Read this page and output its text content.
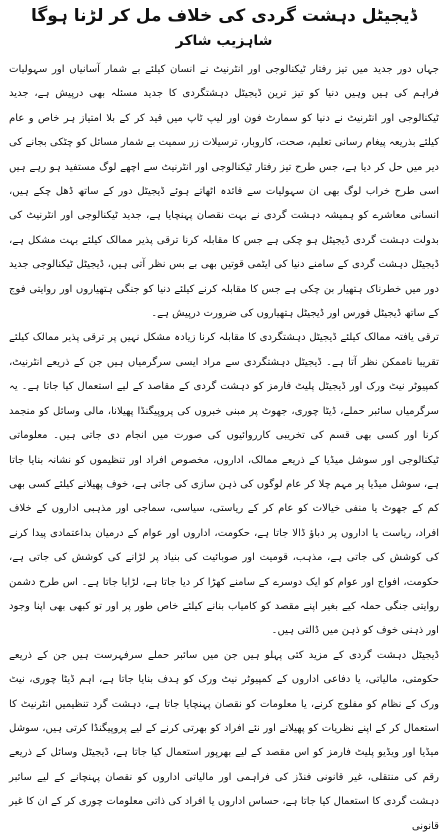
ڈیجیٹل دہشت گردی کی خلاف مل کر لڑنا ہوگا
شاہزیب شاکر

جہاں دور جدید میں تیز رفتار ٹیکنالوجی اور انٹرنیٹ نے انسان کیلئے بے شمار آسانیاں اور سہولیات فراہم کی ہیں وہیں دنیا کو تیز ترین ڈیجیٹل دہشتگردی کا جدید مسئلہ بھی درپیش ہے، جدید ٹیکنالوجی اور انٹرنیٹ نے دنیا کو سمارٹ فون اور لیپ ٹاپ میں قید کر کے بلا امتیاز ہر خاص و عام کیلئے بذریعہ پیغام رسانی تعلیم، صحت، کاروبار، ترسیلات زر سمیت بے شمار مسائل کو چٹکی بجانے کی دیر میں حل کر دیا ہے، جس طرح تیز رفتار ٹیکنالوجی اور انٹرنیٹ سے اچھے لوگ مستفید ہو رہے ہیں اسی طرح خراب لوگ بھی ان سہولیات سے فائدہ اٹھاتے ہوئے ڈیجیٹل دور کے ساتھ ڈھل چکے ہیں، انسانی معاشرے کو ہمیشہ دہشت گردی نے بہت نقصان پہنچایا ہے، جدید ٹیکنالوجی اور انٹرنیٹ کی بدولت دہشت گردی ڈیجیٹل ہو چکی ہے جس کا مقابلہ کرنا ترقی پذیر ممالک کیلئے بہت مشکل ہے، ڈیجیٹل دہشت گردی کے سامنے دنیا کی ایٹمی قوتیں بھی بے بس نظر آتی ہیں، ڈیجیٹل ٹیکنالوجی جدید دور میں خطرناک ہتھیار بن چکی ہے جس کا مقابلہ کرنے کیلئے دنیا کو جنگی ہتھیاروں اور روایتی فوج کے ساتھ ڈیجیٹل فورس اور ڈیجیٹل ہتھیاروں کی ضرورت درپیش ہے۔

ترقی یافتہ ممالک کیلئے ڈیجیٹل دہشتگردی کا مقابلہ کرنا زیادہ مشکل نہیں پر ترقی پذیر ممالک کیلئے تقریبا ناممکن نظر آتا ہے۔ ڈیجیٹل دہشتگردی سے مراد ایسی سرگرمیاں ہیں جن کے ذریعے انٹرنیٹ، کمپیوٹر نیٹ ورک اور ڈیجیٹل پلیٹ فارمز کو دہشت گردی کے مقاصد کے لیے استعمال کیا جاتا ہے۔ یہ سرگرمیاں سائبر حملے، ڈیٹا چوری، جھوٹ پر مبنی خبروں کی پروپیگنڈا پھیلانا، مالی وسائل کو منجمد کرنا اور کسی بھی قسم کی تخریبی کارروائیوں کی صورت میں انجام دی جاتی ہیں۔ معلوماتی ٹیکنالوجی اور سوشل میڈیا کے ذریعے ممالک، اداروں، مخصوص افراد اور تنظیموں کو نشانہ بنایا جاتا ہے، سوشل میڈیا پر مہم چلا کر عام لوگوں کی ذہن سازی کی جاتی ہے، خوف پھیلانے کیلئے کسی بھی کم کے جھوٹ یا منفی خیالات کو عام کر کے ریاستی، سیاسی، سماجی اور مذہبی اداروں کے خلاف افراد، ریاست یا اداروں پر دباؤ ڈالا جاتا ہے، حکومت، اداروں اور عوام کے درمیان بداعتمادی پیدا کرنے کی کوشش کی جاتی ہے، مذہب، قومیت اور صوبائیت کی بنیاد پر لڑانے کی کوشش کی جاتی ہے، حکومت، افواج اور عوام کو ایک دوسرے کے سامنے کھڑا کر دیا جاتا ہے، لڑایا جاتا ہے۔ اس طرح دشمن روایتی جنگی حملہ کیے بغیر اپنے مقصد کو کامیاب بنانے کیلئے خاص طور پر اور تو کبھی بھی اپنا وجود اور ذہنی خوف کو ذہن میں ڈالتی ہیں۔

ڈیجیٹل دہشت گردی کے مزید کئی پہلو ہیں جن میں سائبر حملے سرفہرست ہیں جن کے ذریعے حکومتی، مالیاتی، یا دفاعی اداروں کے کمپیوٹر نیٹ ورک کو ہدف بنایا جاتا ہے، اہم ڈیٹا چوری، نیٹ ورک کے نظام کو مفلوج کرنے، یا معلومات کو نقصان پہنچایا جاتا ہے، دہشت گرد تنظیمیں انٹرنیٹ کا استعمال کر کے اپنے نظریات کو پھیلانے اور نئے افراد کو بھرتی کرنے کے لیے پروپیگنڈا کرتی ہیں، سوشل میڈیا اور ویڈیو پلیٹ فارمز کو اس مقصد کے لیے بھرپور استعمال کیا جاتا ہے، ڈیجیٹل وسائل کے ذریعے رقم کی منتقلی، غیر قانونی فنڈز کی فراہمی اور مالیاتی اداروں کو نقصان پہنچانے کے لیے سائبر دہشت گردی کا استعمال کیا جاتا ہے، حساس اداروں یا افراد کی ذاتی معلومات چوری کر کے ان کا غیر قانونی
